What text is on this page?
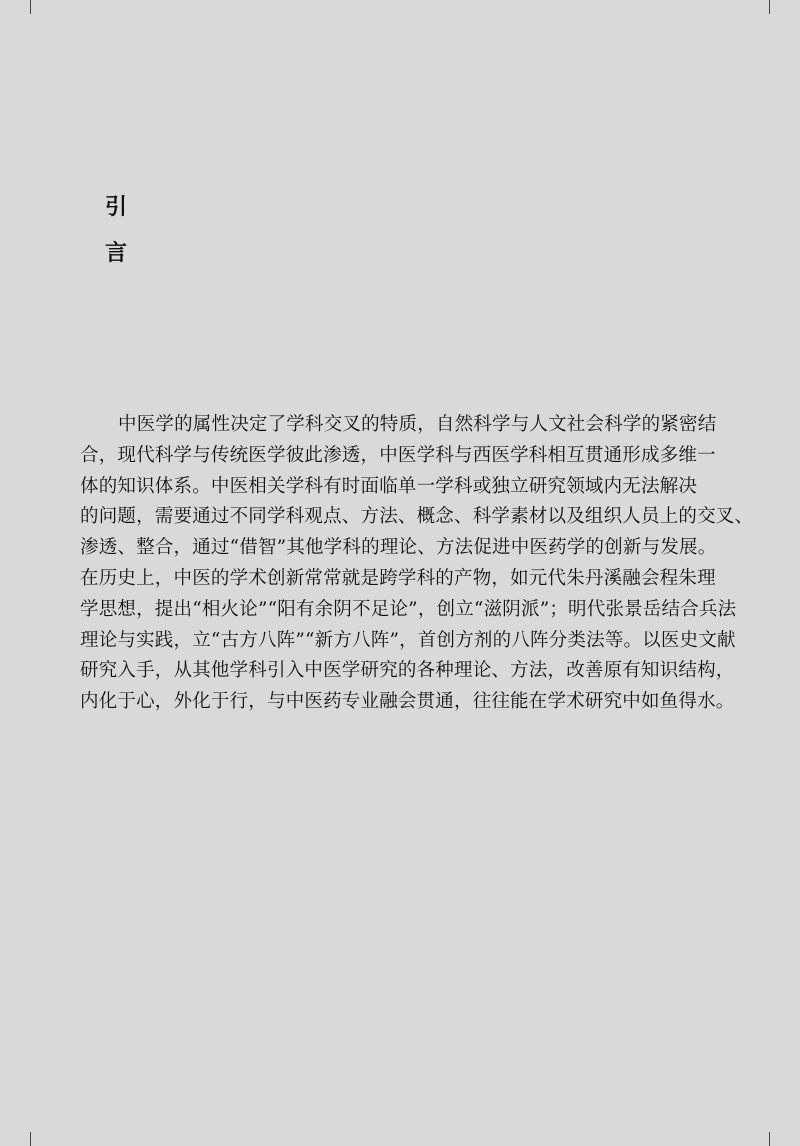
引
言
中医学的属性决定了学科交叉的特质，自然科学与人文社会科学的紧密结
合，现代科学与传统医学彼此渗透，中医学科与西医学科相互贯通形成多维一
体的知识体系。中医相关学科有时面临单一学科或独立研究领域内无法解决
的问题，需要通过不同学科观点、方法、概念、科学素材以及组织人员上的交叉、
渗透、整合，通过“借智”其他学科的理论、方法促进中医药学的创新与发展。
在历史上，中医的学术创新常常就是跨学科的产物，如元代朱丹溪融会程朱理
学思想，提出“相火论”“阳有余阴不足论”，创立“滋阴派”；明代张景岳结合兵法
理论与实践，立“古方八阵”“新方八阵”，首创方剂的八阵分类法等。以医史文献
研究入手，从其他学科引入中医学研究的各种理论、方法，改善原有知识结构，
内化于心，外化于行，与中医药专业融会贯通，往往能在学术研究中如鱼得水。
